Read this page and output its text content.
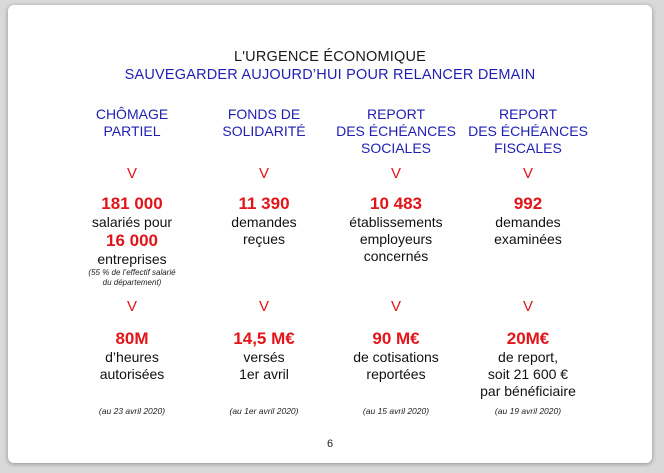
L'URGENCE ÉCONOMIQUE
SAUVEGARDER AUJOURD’HUI POUR RELANCER DEMAIN
CHÔMAGE
PARTIEL
V
181 000
salariés pour
16 000
entreprises
(55 % de l’effectif salarié
du département)
V
80M
d’heures
autorisées
(au 23 avril 2020)
FONDS DE
SOLIDARITÉ
V
11 390
demandes
reçues
V
14,5 M€
versés
1er avril
(au 1er avril 2020)
REPORT
DES ÉCHÉANCES
SOCIALES
V
10 483
établissements
employeurs
concernés
V
90 M€
de cotisations
reportées
(au 15 avril 2020)
REPORT
DES ÉCHÉANCES
FISCALES
V
992
demandes
examinées
V
20M€
de report,
soit 21 600 €
par bénéficiaire
(au 19 avril 2020)
6
